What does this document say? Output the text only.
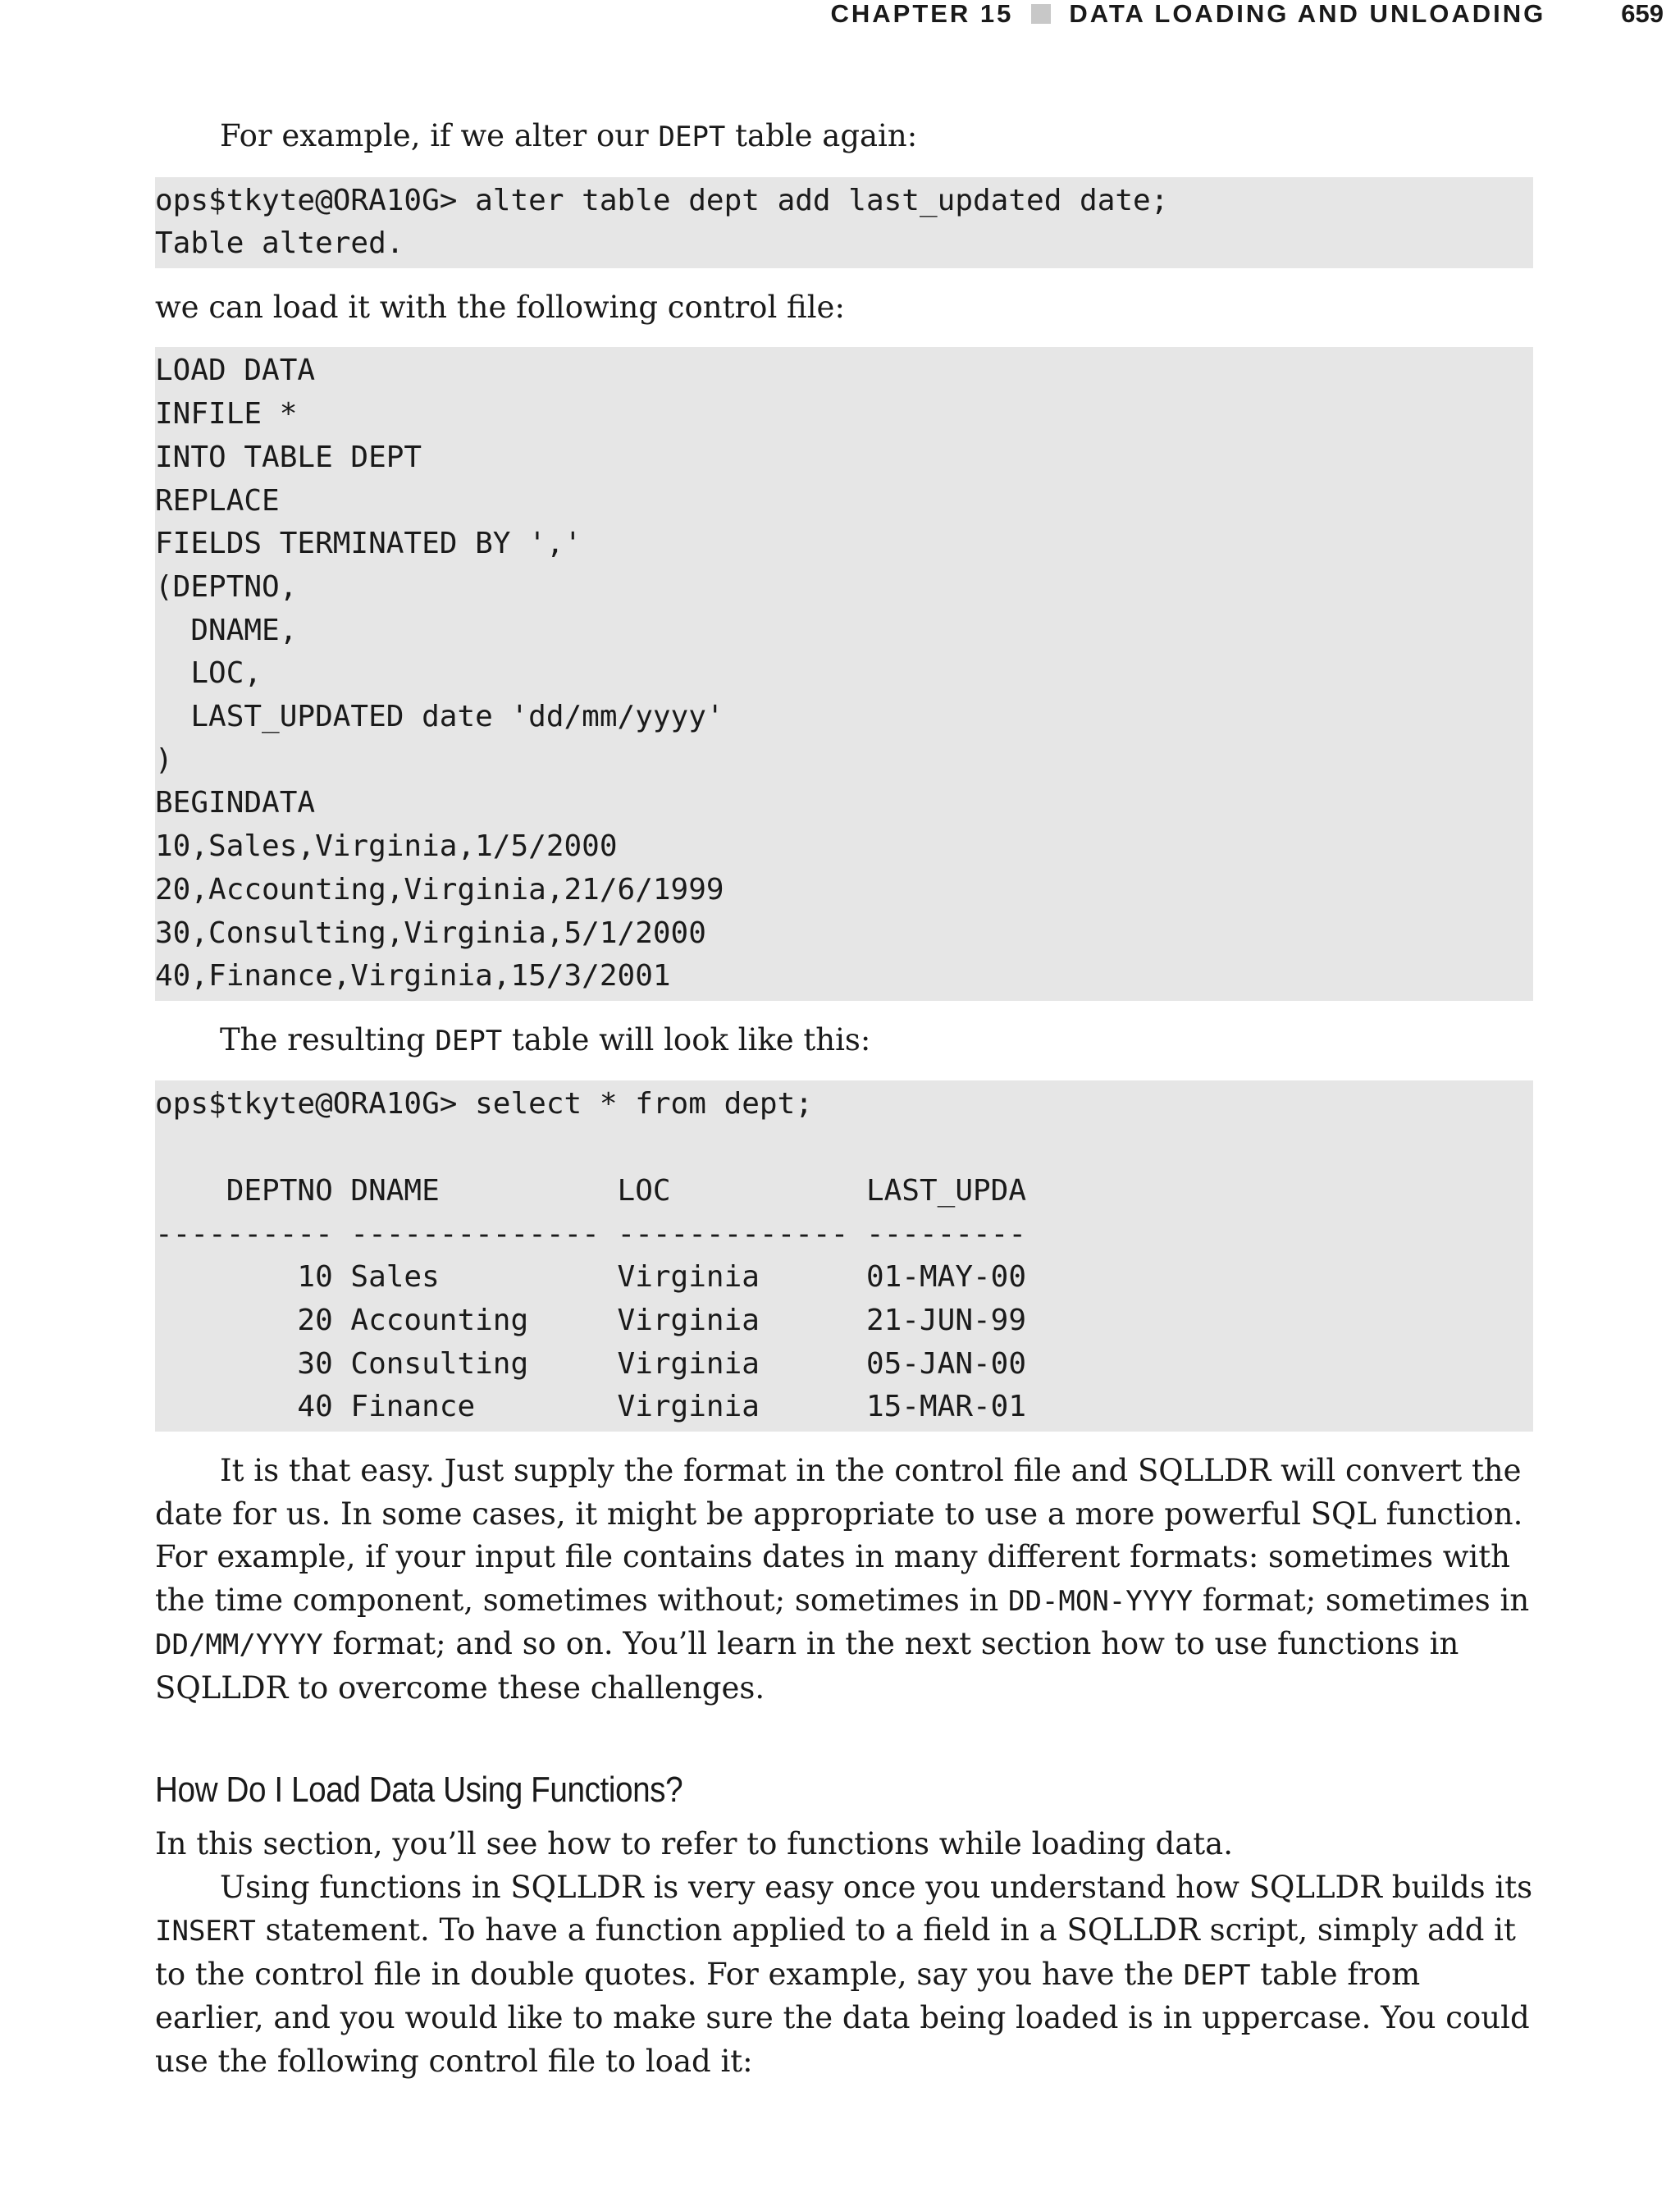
CHAPTER 15 DATA LOADING AND UNLOADING	659

For example, if we alter our DEPT table again:

ops$tkyte@ORA10G> alter table dept add last_updated date;
Table altered.

we can load it with the following control file:

LOAD DATA
INFILE *
INTO TABLE DEPT
REPLACE
FIELDS TERMINATED BY ','
(DEPTNO,
DNAME,
LOC,
LAST_UPDATED date 'dd/mm/yyyy'
)
BEGINDATA
10,Sales,Virginia,1/5/2000
20,Accounting,Virginia,21/6/1999
30,Consulting,Virginia,5/1/2000
40,Finance,Virginia,15/3/2001

The resulting DEPT table will look like this:

ops$tkyte@ORA10G> select * from dept;

DEPTNO DNAME          LOC           LAST_UPDA
---------- -------------- ------------- ---------
10 Sales          Virginia      01-MAY-00
20 Accounting     Virginia      21-JUN-99
30 Consulting     Virginia      05-JAN-00
40 Finance        Virginia      15-MAR-01

It is that easy. Just supply the format in the control file and SQLLDR will convert the date for us. In some cases, it might be appropriate to use a more powerful SQL function. For example, if your input file contains dates in many different formats: sometimes with the time component, sometimes without; sometimes in DD-MON-YYYY format; sometimes in DD/MM/YYYY format; and so on. You’ll learn in the next section how to use functions in SQLLDR to overcome these challenges.

How Do I Load Data Using Functions?

In this section, you’ll see how to refer to functions while loading data.

Using functions in SQLLDR is very easy once you understand how SQLLDR builds its INSERT statement. To have a function applied to a field in a SQLLDR script, simply add it to the control file in double quotes. For example, say you have the DEPT table from earlier, and you would like to make sure the data being loaded is in uppercase. You could use the following control file to load it:
